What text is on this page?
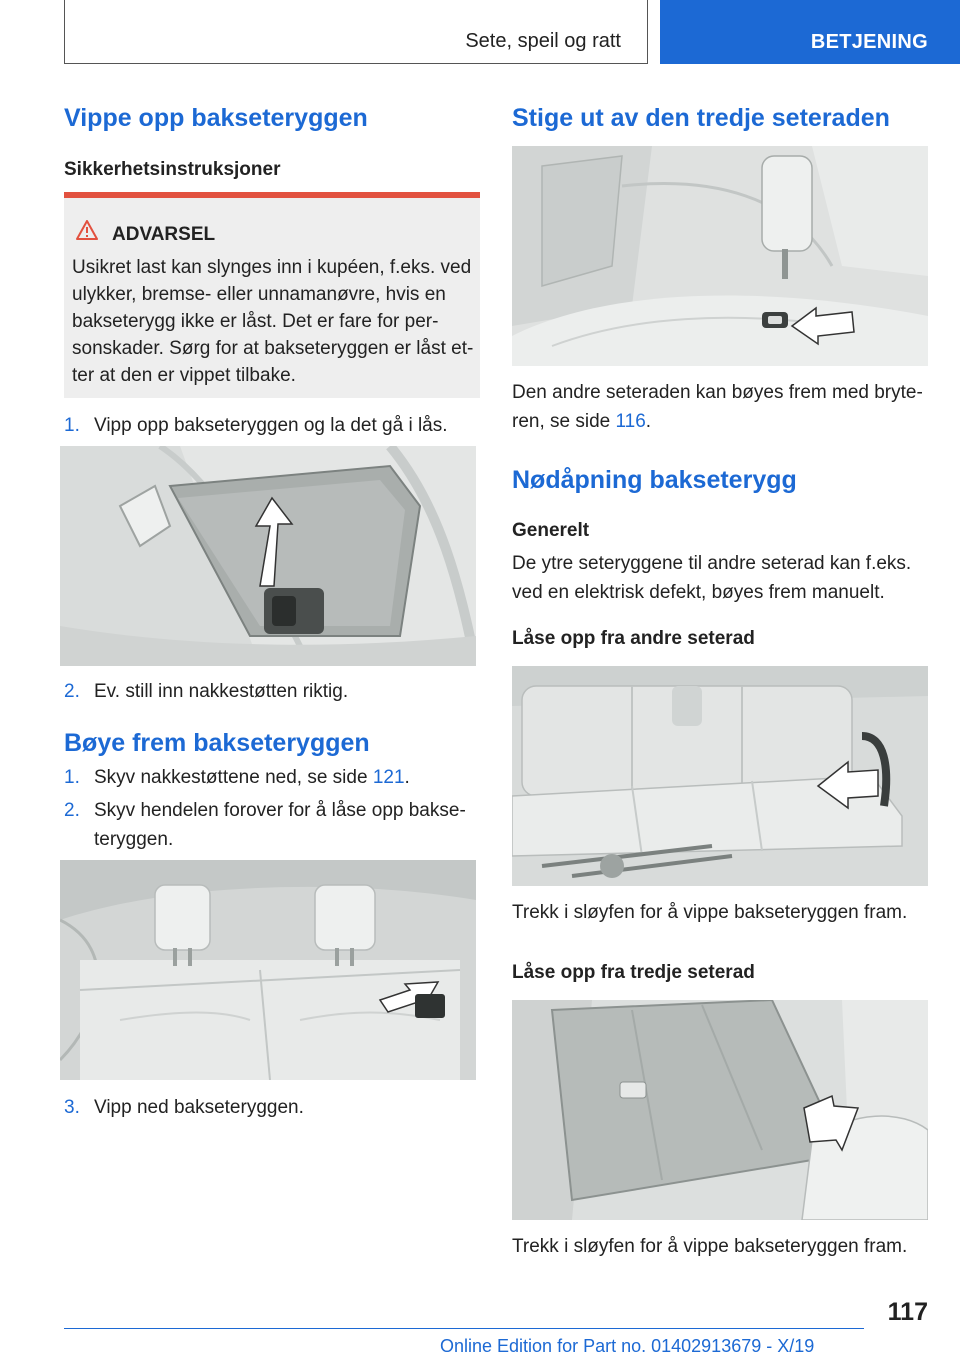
Sete, speil og ratt	BETJENING
Vippe opp bakseteryggen
Sikkerhetsinstruksjoner
ADVARSEL
Usikret last kan slynges inn i kupéen, f.eks. ved ulykker, bremse- eller unnamanøvre, hvis en bakseterygg ikke er låst. Det er fare for per-sonskader. Sørg for at bakseteryggen er låst et-ter at den er vippet tilbake.
1. Vipp opp bakseteryggen og la det gå i lås.
2. Ev. still inn nakkestøtten riktig.
Bøye frem bakseteryggen
1. Skyv nakkestøttene ned, se side 121.
2. Skyv hendelen forover for å låse opp bakse-teryggen.
3. Vipp ned bakseteryggen.
Stige ut av den tredje seteraden
Den andre seteraden kan bøyes frem med bryte-ren, se side 116.
Nødåpning bakseterygg
Generelt
De ytre seteryggene til andre seterad kan f.eks. ved en elektrisk defekt, bøyes frem manuelt.
Låse opp fra andre seterad
Trekk i sløyfen for å vippe bakseteryggen fram.
Låse opp fra tredje seterad
Trekk i sløyfen for å vippe bakseteryggen fram.
117
Online Edition for Part no. 01402913679 - X/19
